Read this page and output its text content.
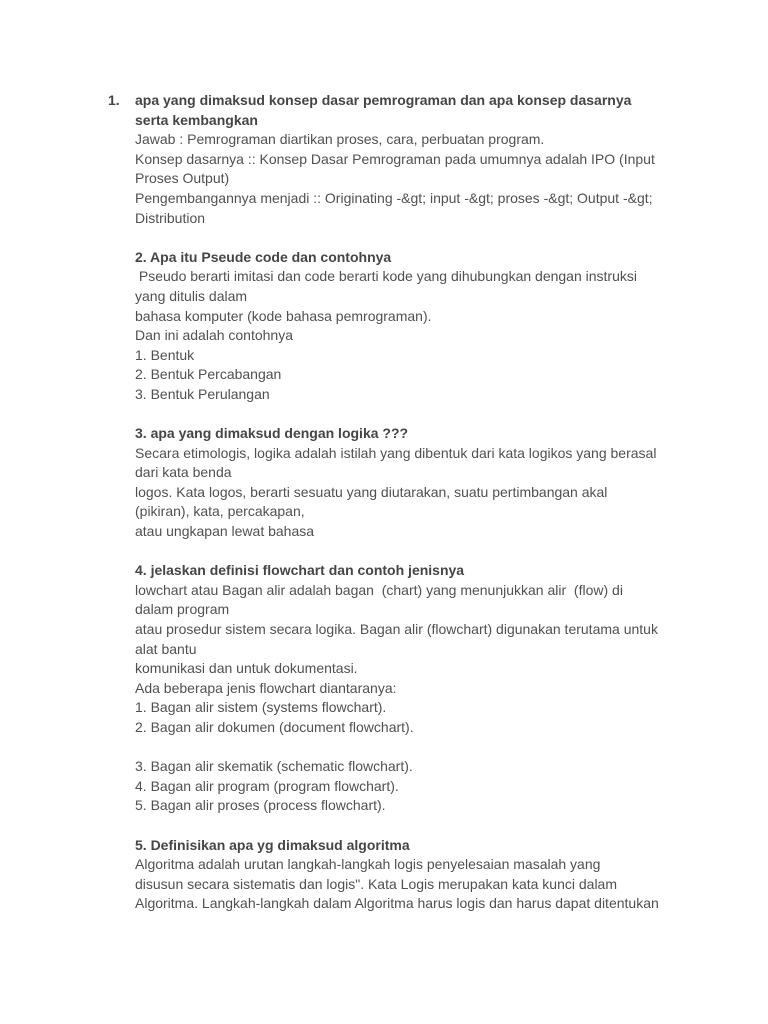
1. apa yang dimaksud konsep dasar pemrograman dan apa konsep dasarnya
serta kembangkan
Jawab : Pemrograman diartikan proses, cara, perbuatan program.
Konsep dasarnya :: Konsep Dasar Pemrograman pada umumnya adalah IPO (Input
Proses Output)
Pengembangannya menjadi :: Originating -&gt; input -&gt; proses -&gt; Output -&gt;
Distribution
2. Apa itu Pseude code dan contohnya
Pseudo berarti imitasi dan code berarti kode yang dihubungkan dengan instruksi
yang ditulis dalam
bahasa komputer (kode bahasa pemrograman).
Dan ini adalah contohnya
1. Bentuk
2. Bentuk Percabangan
3. Bentuk Perulangan
3. apa yang dimaksud dengan logika ???
Secara etimologis, logika adalah istilah yang dibentuk dari kata logikos yang berasal
dari kata benda
logos. Kata logos, berarti sesuatu yang diutarakan, suatu pertimbangan akal
(pikiran), kata, percakapan,
atau ungkapan lewat bahasa
4. jelaskan definisi flowchart dan contoh jenisnya
lowchart atau Bagan alir adalah bagan  (chart) yang menunjukkan alir  (flow) di
dalam program
atau prosedur sistem secara logika. Bagan alir (flowchart) digunakan terutama untuk
alat bantu
komunikasi dan untuk dokumentasi.
Ada beberapa jenis flowchart diantaranya:
1. Bagan alir sistem (systems flowchart).
2. Bagan alir dokumen (document flowchart).
3. Bagan alir skematik (schematic flowchart).
4. Bagan alir program (program flowchart).
5. Bagan alir proses (process flowchart).
5. Definisikan apa yg dimaksud algoritma
Algoritma adalah urutan langkah-langkah logis penyelesaian masalah yang
disusun secara sistematis dan logis". Kata Logis merupakan kata kunci dalam
Algoritma. Langkah-langkah dalam Algoritma harus logis dan harus dapat ditentukan
